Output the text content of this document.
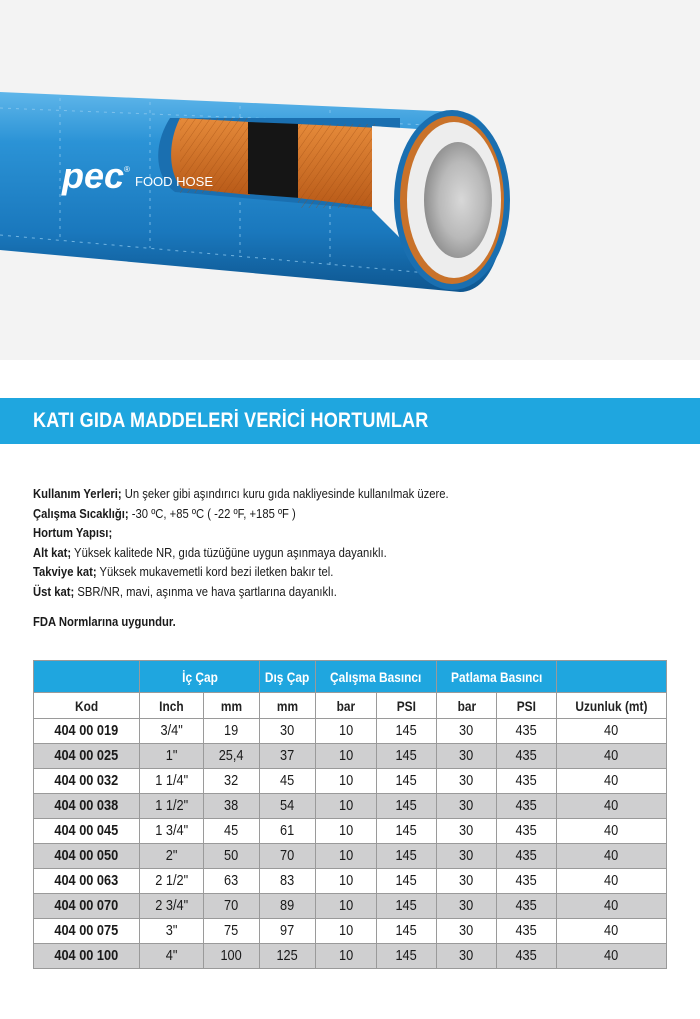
pec ®
FOOD HOSE
KATI GIDA MADDELERİ VERİCİ HORTUMLAR
Kullanım Yerleri; Un şeker gibi aşındırıcı kuru gıda nakliyesinde kullanılmak üzere.
Çalışma Sıcaklığı; -30 ºC, +85 ºC ( -22 ºF, +185 ºF )
Hortum Yapısı;
Alt kat; Yüksek kalitede NR, gıda tüzüğüne uygun aşınmaya dayanıklı.
Takviye kat; Yüksek mukavemetli kord bezi iletken bakır tel.
Üst kat; SBR/NR, mavi, aşınma ve hava şartlarına dayanıklı.
FDA Normlarına uygundur.
	İç Çap		Dış Çap	Çalışma Basıncı		Patlama Basıncı		
Kod	Inch	mm	mm	bar	PSI	bar	PSI	Uzunluk (mt)
404 00 019	3/4"	19	30	10	145	30	435	40
404 00 025	1"	25,4	37	10	145	30	435	40
404 00 032	1 1/4"	32	45	10	145	30	435	40
404 00 038	1 1/2"	38	54	10	145	30	435	40
404 00 045	1 3/4"	45	61	10	145	30	435	40
404 00 050	2"	50	70	10	145	30	435	40
404 00 063	2 1/2"	63	83	10	145	30	435	40
404 00 070	2 3/4"	70	89	10	145	30	435	40
404 00 075	3"	75	97	10	145	30	435	40
404 00 100	4"	100	125	10	145	30	435	40
